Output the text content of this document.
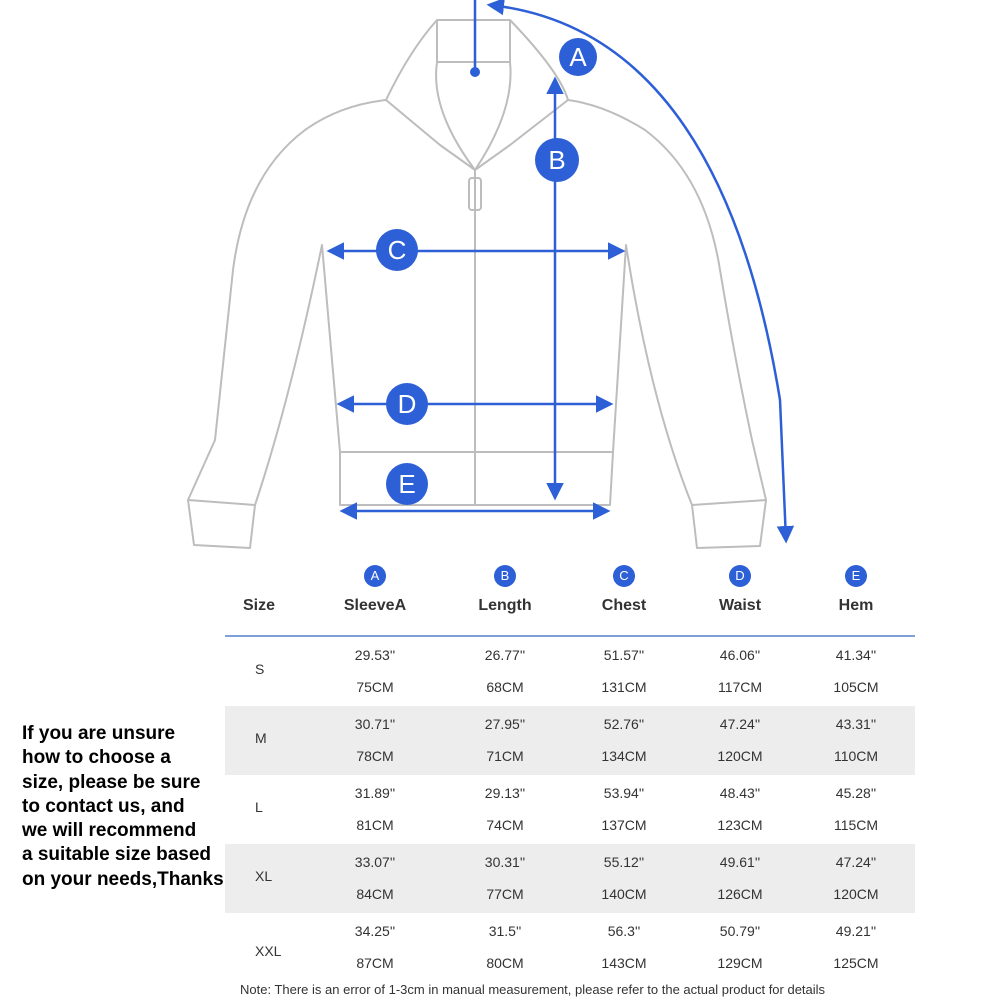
A
B
C
D
E
Size
A
SleeveA
B
Length
C
Chest
D
Waist
E
Hem
S
29.53''
75CM
26.77''
68CM
51.57''
131CM
46.06''
117CM
41.34''
105CM
M
30.71''
78CM
27.95''
71CM
52.76''
134CM
47.24''
120CM
43.31''
110CM
L
31.89''
81CM
29.13''
74CM
53.94''
137CM
48.43''
123CM
45.28''
115CM
XL
33.07''
84CM
30.31''
77CM
55.12''
140CM
49.61''
126CM
47.24''
120CM
XXL
34.25''
87CM
31.5''
80CM
56.3''
143CM
50.79''
129CM
49.21''
125CM
If you are unsure
how to choose a
size, please be sure
to contact us, and
we will recommend
a suitable size based
on your needs,Thanks
Note: There is an error of 1-3cm in manual measurement, please refer to the actual product for details
